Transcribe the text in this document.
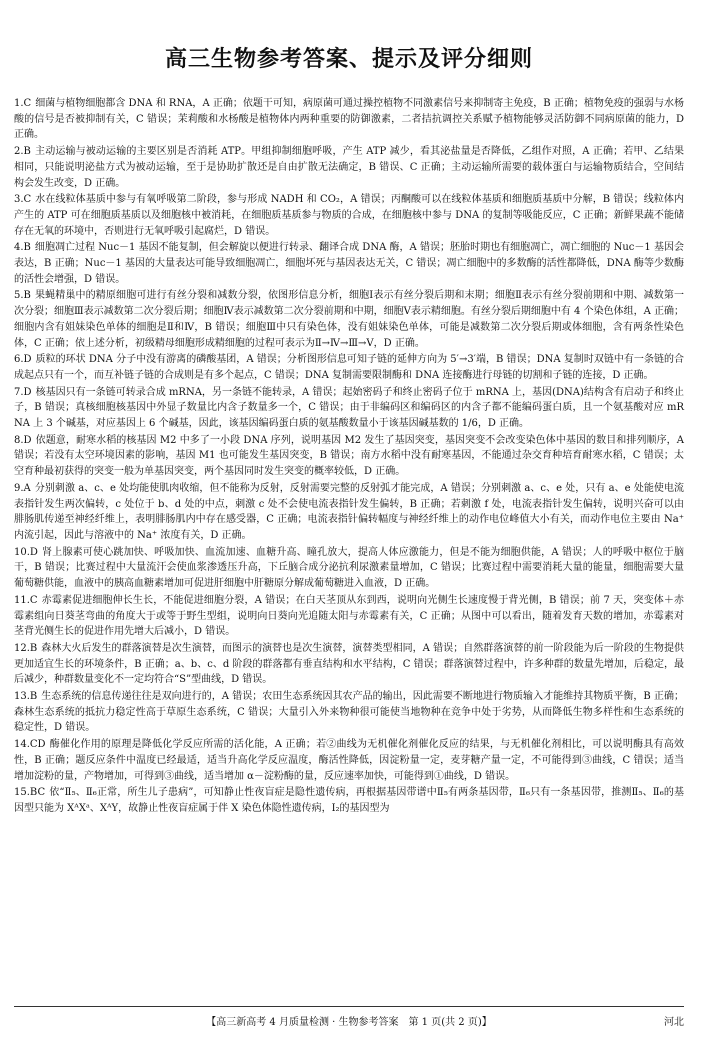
高三生物参考答案、提示及评分细则
1.C 细菌与植物细胞都含 DNA 和 RNA，A 正确；依题干可知，病原菌可通过操控植物不同激素信号来抑制寄主免疫，B 正确；植物免疫的强弱与水杨酸的信号是否被抑制有关，C 错误；茉莉酸和水杨酸是植物体内两种重要的防御激素，二者拮抗调控关系赋予植物能够灵活防御不同病原菌的能力，D 正确。
2.B 主动运输与被动运输的主要区别是否消耗 ATP。甲组抑制细胞呼吸，产生 ATP 减少，看其泌盐量是否降低，乙组作对照，A 正确；若甲、乙结果相同，只能说明泌盐方式为被动运输，至于是协助扩散还是自由扩散无法确定，B 错误、C 正确；主动运输所需要的载体蛋白与运输物质结合，空间结构会发生改变，D 正确。
3.C 水在线粒体基质中参与有氧呼吸第二阶段，参与形成 NADH 和 CO₂，A 错误；丙酮酸可以在线粒体基质和细胞质基质中分解，B 错误；线粒体内产生的 ATP 可在细胞质基质以及细胞核中被消耗，在细胞质基质参与物质的合成，在细胞核中参与 DNA 的复制等吸能反应，C 正确；新鲜果蔬不能储存在无氧的环境中，否则进行无氧呼吸引起腐烂，D 错误。
4.B 细胞凋亡过程 Nuc－1 基因不能复制，但会解旋以便进行转录、翻译合成 DNA 酶，A 错误；胚胎时期也有细胞凋亡，凋亡细胞的 Nuc－1 基因会表达，B 正确；Nuc－1 基因的大量表达可能导致细胞凋亡，细胞坏死与基因表达无关，C 错误；凋亡细胞中的多数酶的活性都降低，DNA 酶等少数酶的活性会增强，D 错误。
5.B 果蝇精巢中的精原细胞可进行有丝分裂和减数分裂，依图形信息分析，细胞Ⅰ表示有丝分裂后期和末期；细胞Ⅱ表示有丝分裂前期和中期、减数第一次分裂；细胞Ⅲ表示减数第二次分裂后期；细胞Ⅳ表示减数第二次分裂前期和中期，细胞Ⅴ表示精细胞。有丝分裂后期细胞中有 4 个染色体组，A 正确；细胞内含有姐妹染色单体的细胞是Ⅱ和Ⅳ，B 错误；细胞Ⅲ中只有染色体，没有姐妹染色单体，可能是减数第二次分裂后期或体细胞，含有两条性染色体，C 正确；依上述分析，初级精母细胞形成精细胞的过程可表示为Ⅱ→Ⅳ→Ⅲ→Ⅴ，D 正确。
6.D 质粒的环状 DNA 分子中没有游离的磷酸基团，A 错误；分析图形信息可知子链的延伸方向为 5′→3′端，B 错误；DNA 复制时双链中有一条链的合成起点只有一个，而互补链子链的合成则是有多个起点，C 错误；DNA 复制需要限制酶和 DNA 连接酶进行母链的切割和子链的连接，D 正确。
7.D 核基因只有一条链可转录合成 mRNA，另一条链不能转录，A 错误；起始密码子和终止密码子位于 mRNA 上，基因(DNA)结构含有启动子和终止子，B 错误；真核细胞核基因中外显子数量比内含子数量多一个，C 错误；由于非编码区和编码区的内含子都不能编码蛋白质，且一个氨基酸对应 mRNA 上 3 个碱基，对应基因上 6 个碱基，因此，该基因编码蛋白质的氨基酸数量小于该基因碱基数的 1/6，D 正确。
8.D 依题意，耐寒水稻的核基因 M2 中多了一小段 DNA 序列，说明基因 M2 发生了基因突变，基因突变不会改变染色体中基因的数目和排列顺序，A 错误；若没有太空环境因素的影响，基因 M1 也可能发生基因突变，B 错误；南方水稻中没有耐寒基因，不能通过杂交育种培育耐寒水稻，C 错误；太空育种最初获得的突变一般为单基因突变，两个基因同时发生突变的概率较低，D 正确。
9.A 分别刺激 a、c、e 处均能使肌肉收缩，但不能称为反射，反射需要完整的反射弧才能完成，A 错误；分别刺激 a、c、e 处，只有 a、e 处能使电流表指针发生两次偏转，c 处位于 b、d 处的中点，刺激 c 处不会使电流表指针发生偏转，B 正确；若刺激 f 处，电流表指针发生偏转，说明兴奋可以由腓肠肌传递至神经纤维上，表明腓肠肌内中存在感受器，C 正确；电流表指针偏转幅度与神经纤维上的动作电位峰值大小有关，而动作电位主要由 Na⁺ 内流引起，因此与溶液中的 Na⁺ 浓度有关，D 正确。
10.D 肾上腺素可使心跳加快、呼吸加快、血流加速、血糖升高、瞳孔放大，提高人体应激能力，但是不能为细胞供能，A 错误；人的呼吸中枢位于脑干，B 错误；比赛过程中大量流汗会使血浆渗透压升高，下丘脑合成分泌抗利尿激素量增加，C 错误；比赛过程中需要消耗大量的能量，细胞需要大量葡萄糖供能，血液中的胰高血糖素增加可促进肝细胞中肝糖原分解成葡萄糖进入血液，D 正确。
11.C 赤霉素促进细胞伸长生长，不能促进细胞分裂，A 错误；在白天茎顶从东到西，说明向光侧生长速度慢于背光侧，B 错误；前 7 天，突变体＋赤霉素组向日葵茎弯曲的角度大于或等于野生型组，说明向日葵向光追随太阳与赤霉素有关，C 正确；从图中可以看出，随着发育天数的增加，赤霉素对茎背光侧生长的促进作用先增大后减小，D 错误。
12.B 森林大火后发生的群落演替是次生演替，而图示的演替也是次生演替，演替类型相同，A 错误；自然群落演替的前一阶段能为后一阶段的生物提供更加适宜生长的环境条件，B 正确；a、b、c、d 阶段的群落都有垂直结构和水平结构，C 错误；群落演替过程中，许多种群的数量先增加，后稳定，最后减少，种群数量变化不一定均符合“S”型曲线，D 错误。
13.B 生态系统的信息传递往往是双向进行的，A 错误；农田生态系统因其农产品的输出，因此需要不断地进行物质输入才能维持其物质平衡，B 正确；森林生态系统的抵抗力稳定性高于草原生态系统，C 错误；大量引入外来物种很可能使当地物种在竞争中处于劣势，从而降低生物多样性和生态系统的稳定性，D 错误。
14.CD 酶催化作用的原理是降低化学反应所需的活化能，A 正确；若②曲线为无机催化剂催化反应的结果，与无机催化剂相比，可以说明酶具有高效性，B 正确；题反应条件中温度已经最适，适当升高化学反应温度，酶活性降低，因淀粉量一定，麦芽糖产量一定，不可能得到③曲线，C 错误；适当增加淀粉的量，产物增加，可得到③曲线，适当增加 α－淀粉酶的量，反应速率加快，可能得到①曲线，D 错误。
15.BC 依“Ⅱ₅、Ⅱ₆正常，所生儿子患病”，可知静止性夜盲症是隐性遗传病，再根据基因带谱中Ⅱ₅有两条基因带，Ⅱ₆只有一条基因带，推测Ⅱ₅、Ⅱ₆的基因型只能为 XᴬXᵃ、XᴬY，故静止性夜盲症属于伴 X 染色体隐性遗传病，Ⅰ₂的基因型为
【高三新高考 4 月质量检测 · 生物参考答案　第 1 页(共 2 页)】	河北
